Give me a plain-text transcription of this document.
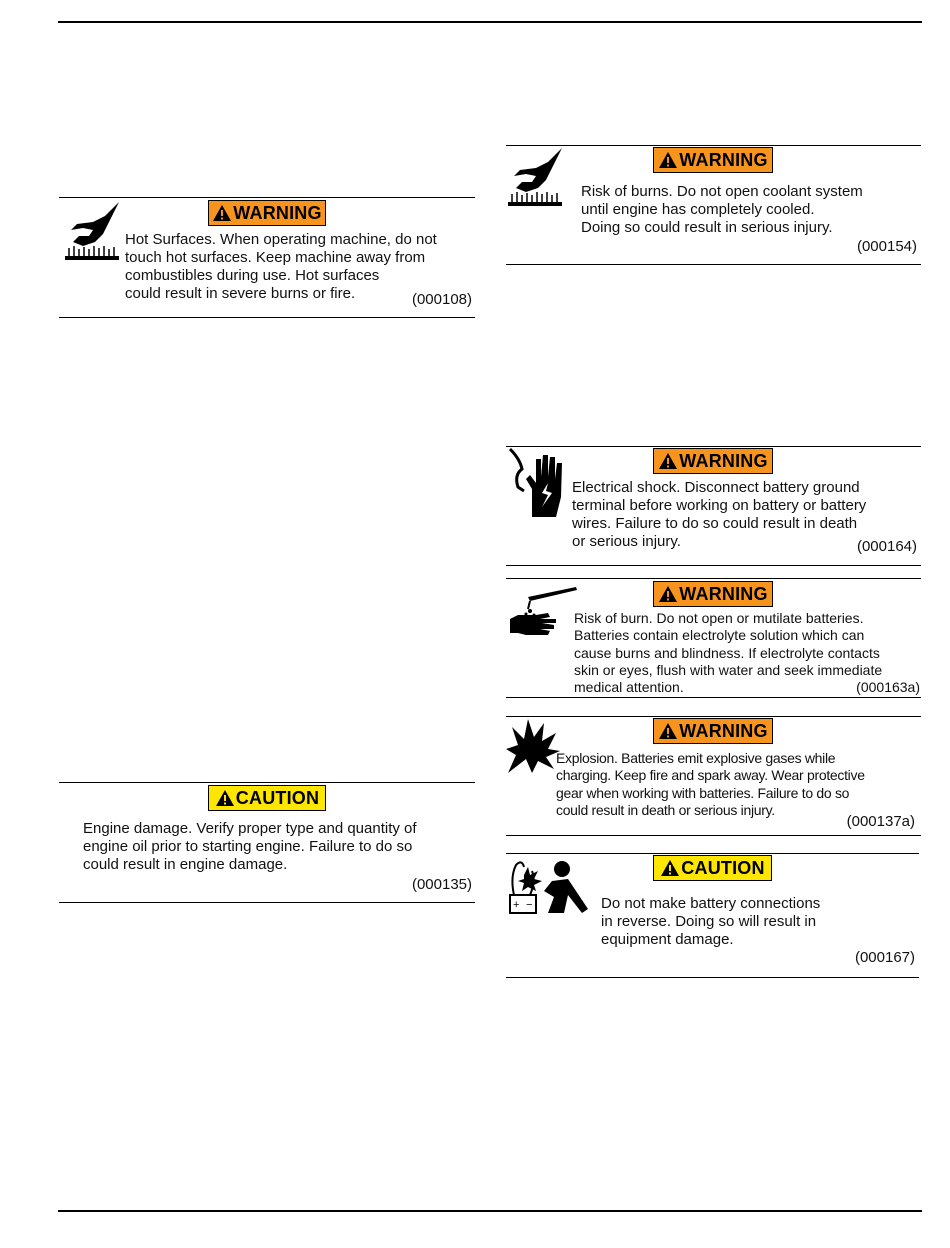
WARNING
Hot Surfaces. When operating machine, do not
touch hot surfaces. Keep machine away from
combustibles during use. Hot surfaces
could result in severe burns or fire.	(000108)
CAUTION
Engine damage. Verify proper type and quantity of
engine oil prior to starting engine. Failure to do so
could result in engine damage.
(000135)
WARNING
Risk of burns. Do not open coolant system
until engine has completely cooled.
Doing so could result in serious injury.
(000154)
WARNING
Electrical shock. Disconnect battery ground
terminal before working on battery or battery
wires. Failure to do so could result in death
or serious injury.	(000164)
WARNING
Risk of burn. Do not open or mutilate batteries.
Batteries contain electrolyte solution which can
cause burns and blindness. If electrolyte contacts
skin or eyes, flush with water and seek immediate
medical attention.	(000163a)
WARNING
Explosion. Batteries emit explosive gases while
charging. Keep fire and spark away. Wear protective
gear when working with batteries. Failure to do so
could result in death or serious injury.
(000137a)
CAUTION
+ −	Do not make battery connections
in reverse. Doing so will result in
equipment damage.
(000167)
